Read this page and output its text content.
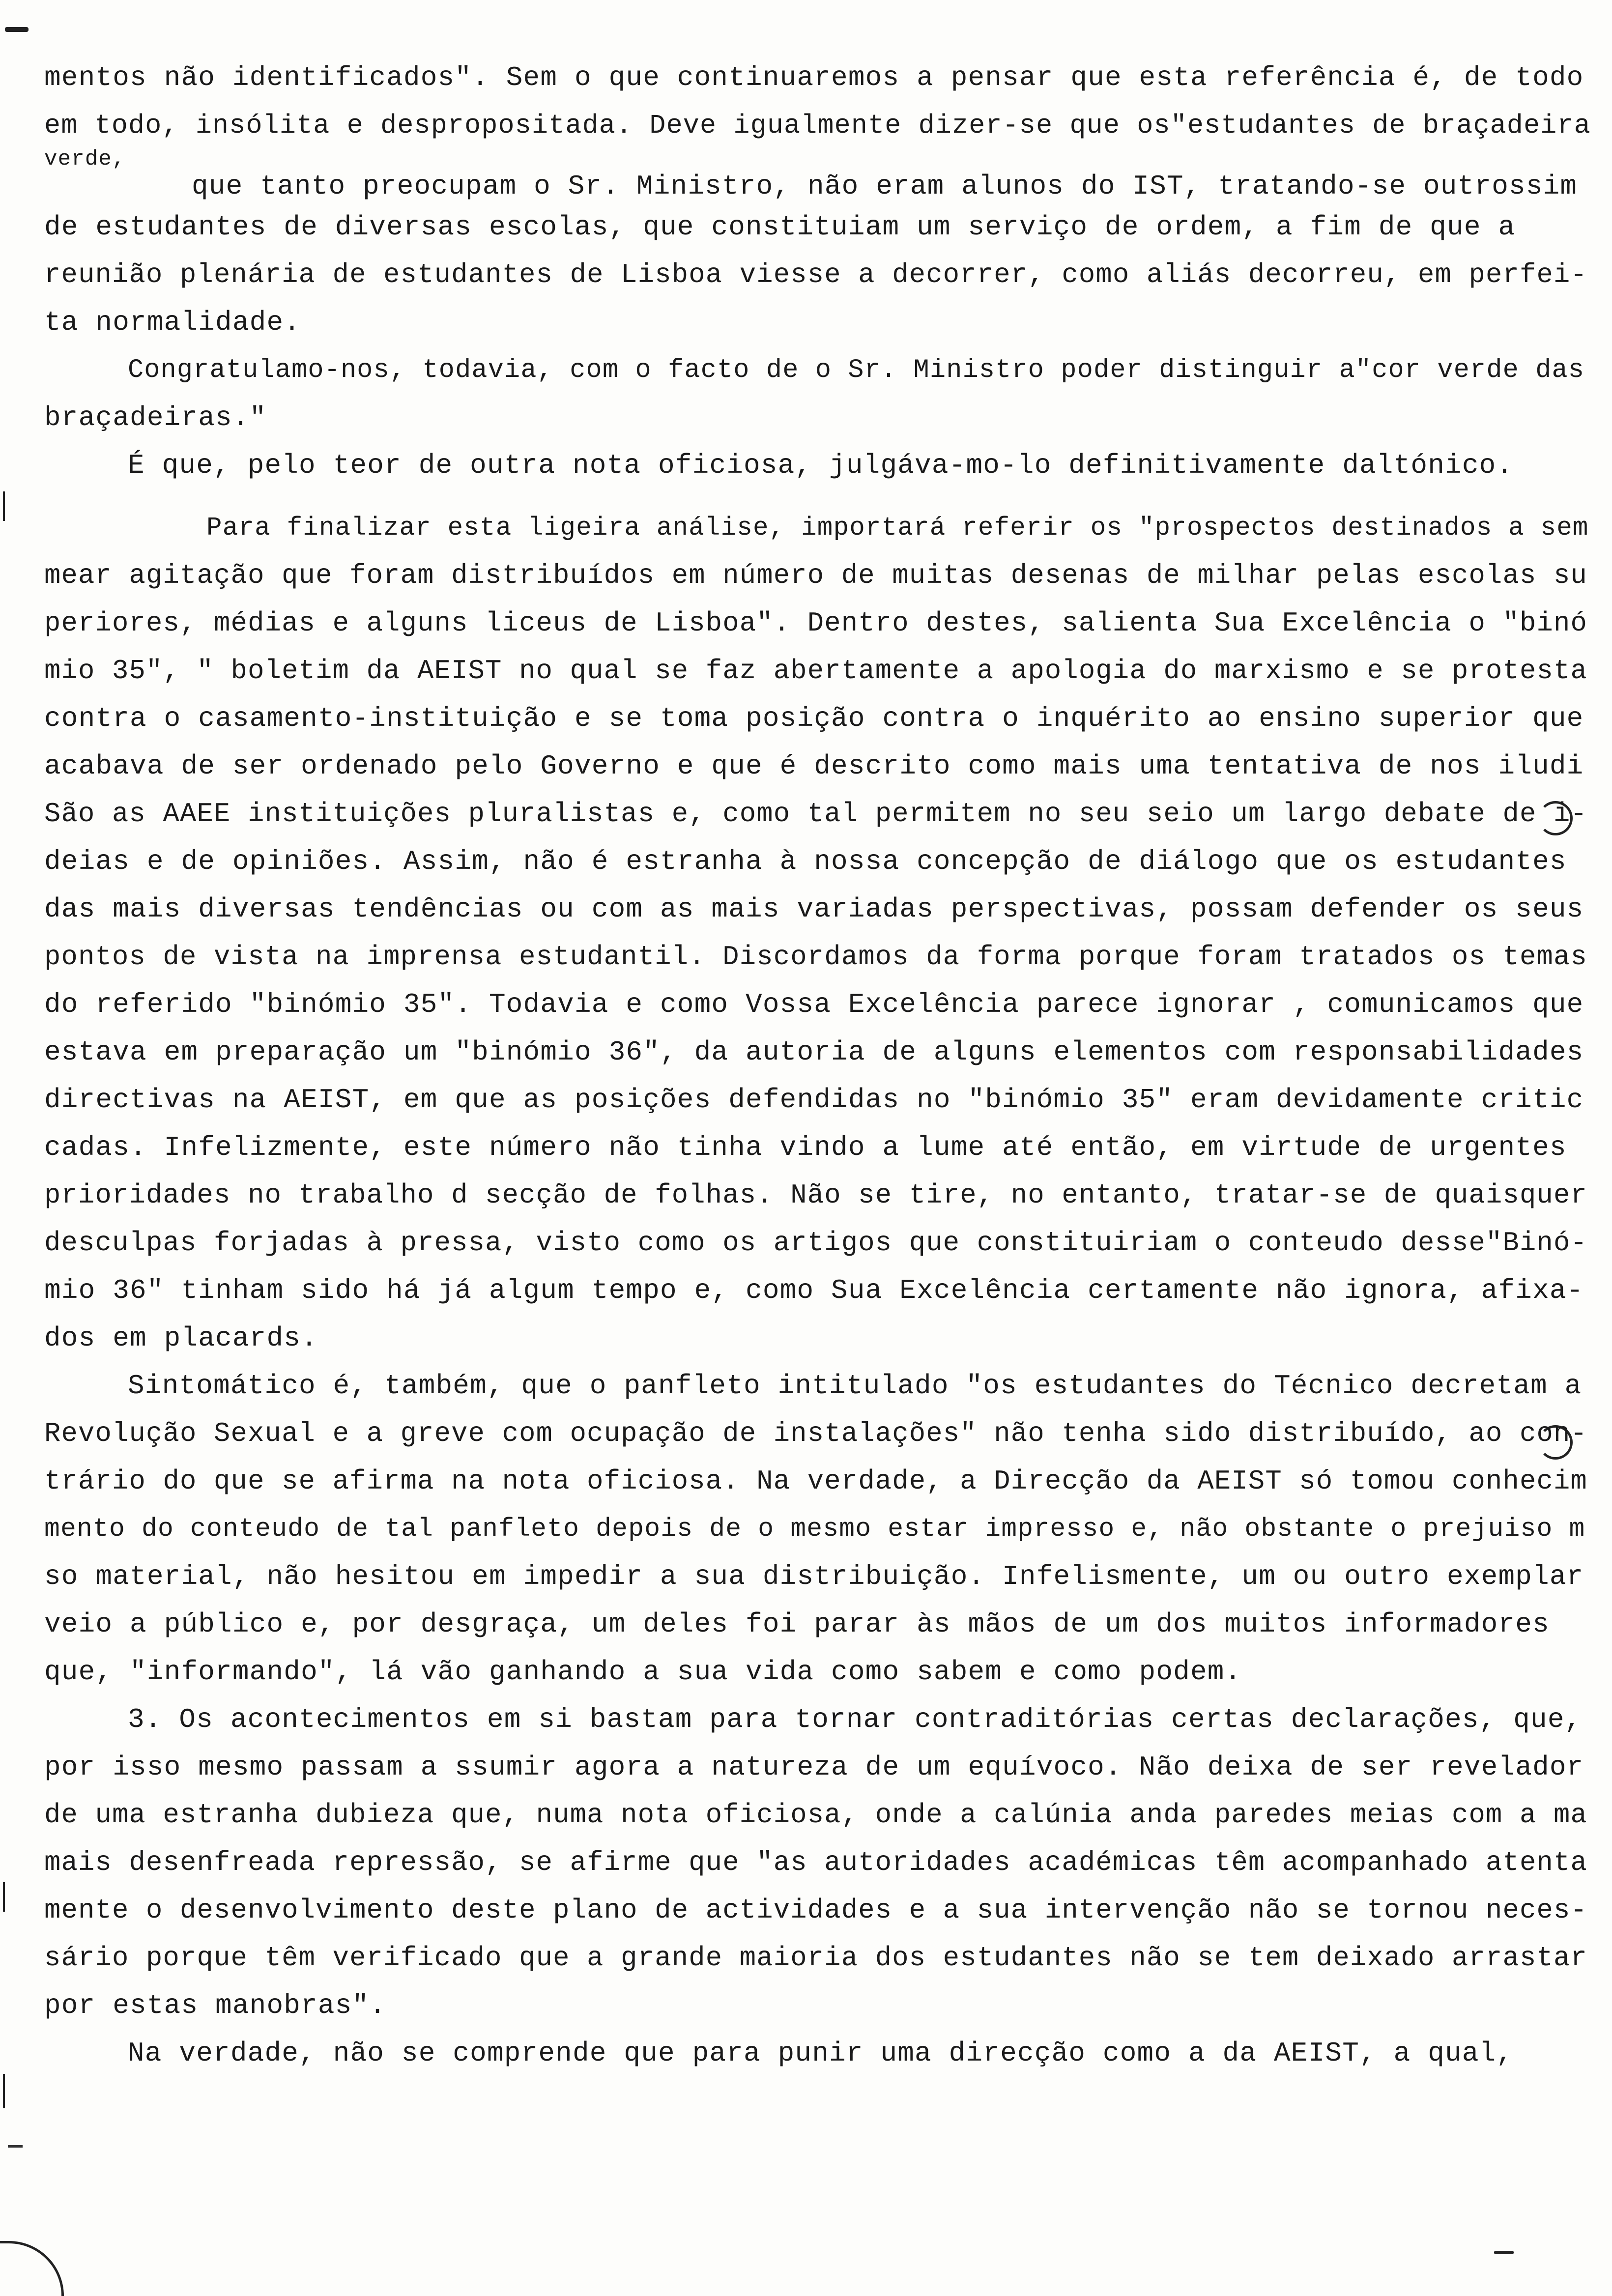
mentos não identificados". Sem o que continuaremos a pensar que esta referência é, de todo
em todo, insólita e despropositada. Deve igualmente dizer-se que os"estudantes de braçadeira
verde,
que tanto preocupam o Sr. Ministro, não eram alunos do IST, tratando-se outrossim
de estudantes de diversas escolas, que constituiam um serviço de ordem, a fim de que a
reunião plenária de estudantes de Lisboa viesse a decorrer, como aliás decorreu, em perfei-
ta normalidade.
Congratulamo-nos, todavia, com o facto de o Sr. Ministro poder distinguir a"cor verde das
braçadeiras."
É que, pelo teor de outra nota oficiosa, julgáva-mo-lo definitivamente daltónico.
Para finalizar esta ligeira análise, importará referir os "prospectos destinados a sem
mear agitação que foram distribuídos em número de muitas desenas de milhar pelas escolas su
periores, médias e alguns liceus de Lisboa". Dentro destes, salienta Sua Excelência o "binó
mio 35", " boletim da AEIST no qual se faz abertamente a apologia do marxismo e se protesta
contra o casamento-instituição e se toma posição contra o inquérito ao ensino superior que
acabava de ser ordenado pelo Governo e que é descrito como mais uma tentativa de nos iludi
São as AAEE instituições pluralistas e, como tal permitem no seu seio um largo debate de i-
deias e de opiniões. Assim, não é estranha à nossa concepção de diálogo que os estudantes
das mais diversas tendências ou com as mais variadas perspectivas, possam defender os seus
pontos de vista na imprensa estudantil. Discordamos da forma porque foram tratados os temas
do referido "binómio 35". Todavia e como Vossa Excelência parece ignorar , comunicamos que
estava em preparação um "binómio 36", da autoria de alguns elementos com responsabilidades
directivas na AEIST, em que as posições defendidas no "binómio 35" eram devidamente critic
cadas. Infelizmente, este número não tinha vindo a lume até então, em virtude de urgentes
prioridades no trabalho d secção de folhas. Não se tire, no entanto, tratar-se de quaisquer
desculpas forjadas à pressa, visto como os artigos que constituiriam o conteudo desse"Binó-
mio 36" tinham sido há já algum tempo e, como Sua Excelência certamente não ignora, afixa-
dos em placards.
Sintomático é, também, que o panfleto intitulado "os estudantes do Técnico decretam a
Revolução Sexual e a greve com ocupação de instalações" não tenha sido distribuído, ao con-
trário do que se afirma na nota oficiosa. Na verdade, a Direcção da AEIST só tomou conhecim
mento do conteudo de tal panfleto depois de o mesmo estar impresso e, não obstante o prejuiso m
so material, não hesitou em impedir a sua distribuição. Infelismente, um ou outro exemplar
veio a público e, por desgraça, um deles foi parar às mãos de um dos muitos informadores
que, "informando", lá vão ganhando a sua vida como sabem e como podem.
3. Os acontecimentos em si bastam para tornar contraditórias certas declarações, que,
por isso mesmo passam a ssumir agora a natureza de um equívoco. Não deixa de ser revelador
de uma estranha dubieza que, numa nota oficiosa, onde a calúnia anda paredes meias com a ma
mais desenfreada repressão, se afirme que "as autoridades académicas têm acompanhado atenta
mente o desenvolvimento deste plano de actividades e a sua intervenção não se tornou neces-
sário porque têm verificado que a grande maioria dos estudantes não se tem deixado arrastar
por estas manobras".
Na verdade, não se comprende que para punir uma direcção como a da AEIST, a qual,
